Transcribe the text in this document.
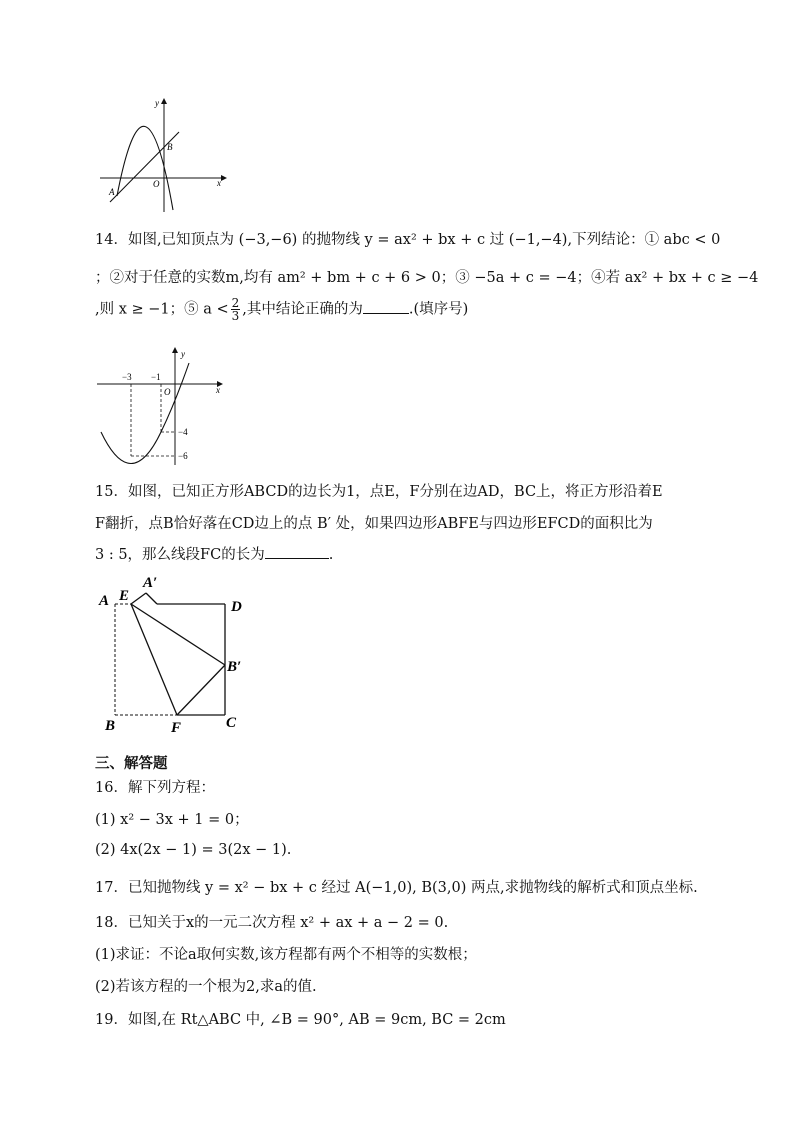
y
x
B
A
O
14．如图,已知顶点为 (−3,−6) 的抛物线 y = ax² + bx + c 过 (−1,−4),下列结论：① abc < 0
；②对于任意的实数m,均有 am² + bm + c + 6 > 0；③ −5a + c = −4；④若 ax² + bx + c ≥ −4
,则 x ≥ −1；⑤ $a < \frac{2}{3}$ ,其中结论正确的为	.(填序号)
y
x
−3 −1
O
−4
−6
15．如图，已知正方形ABCD的边长为1，点E，F分别在边AD，BC上，将正方形沿着E
F翻折，点B恰好落在CD边上的点 B′ 处，如果四边形ABFE与四边形EFCD的面积比为
3 : 5，那么线段FC的长为	.
A E
A′
D
B′
B	F	C
三、解答题
16．解下列方程：
(1) x² − 3x + 1 = 0；
(2) 4x(2x − 1) = 3(2x − 1).
17．已知抛物线 y = x² − bx + c 经过 A(−1,0), B(3,0) 两点,求抛物线的解析式和顶点坐标.
18．已知关于x的一元二次方程 x² + ax + a − 2 = 0.
(1)求证：不论a取何实数,该方程都有两个不相等的实数根；
(2)若该方程的一个根为2,求a的值.
19．如图,在 Rt△ABC 中, ∠B = 90°, AB = 9cm, BC = 2cm
